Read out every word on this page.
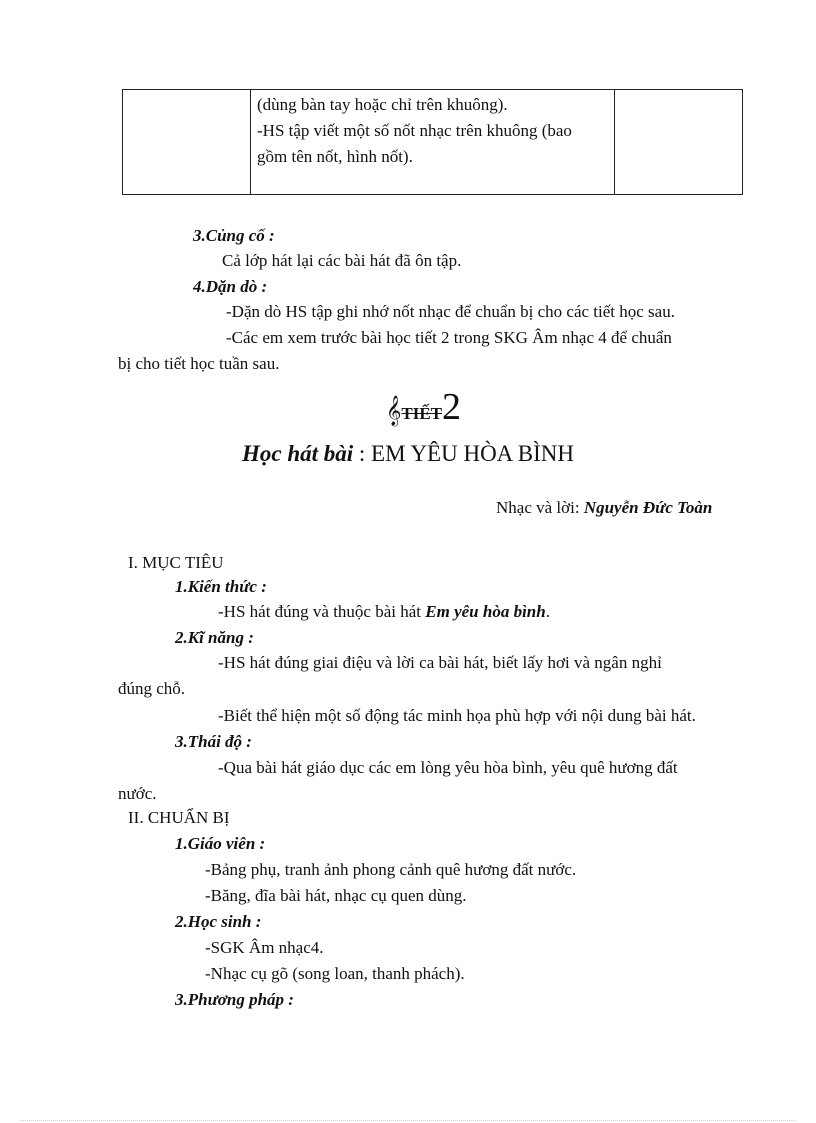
(dùng bàn tay hoặc chỉ trên khuông).
-HS tập viết một số nốt nhạc trên khuông (bao
gồm tên nốt, hình nốt).

3.Củng cố :
Cả lớp hát lại các bài hát đã ôn tập.
4.Dặn dò :
-Dặn dò HS tập ghi nhớ nốt nhạc để chuẩn bị cho các tiết học sau.
-Các em xem trước bài học tiết 2 trong SKG Âm nhạc 4 để chuẩn
bị cho tiết học tuần sau.
𝄞TIẾT2
Học hát bài : EM YÊU HÒA BÌNH
Nhạc và lời: Nguyễn Đức Toàn
I. MỤC TIÊU
1.Kiến thức :
-HS hát đúng và thuộc bài hát Em yêu hòa bình.
2.Kĩ năng :
-HS hát đúng giai điệu và lời ca bài hát, biết lấy hơi và ngân nghỉ
đúng chỗ.
-Biết thể hiện một số động tác minh họa phù hợp với nội dung bài hát.
3.Thái độ :
-Qua bài hát giáo dục các em lòng yêu hòa bình, yêu quê hương đất
nước.
II. CHUẨN BỊ
1.Giáo viên :
-Bảng phụ, tranh ảnh phong cảnh quê hương đất nước.
-Băng, đĩa bài hát, nhạc cụ quen dùng.
2.Học sinh :
-SGK Âm nhạc4.
-Nhạc cụ gõ (song loan, thanh phách).
3.Phương pháp :
